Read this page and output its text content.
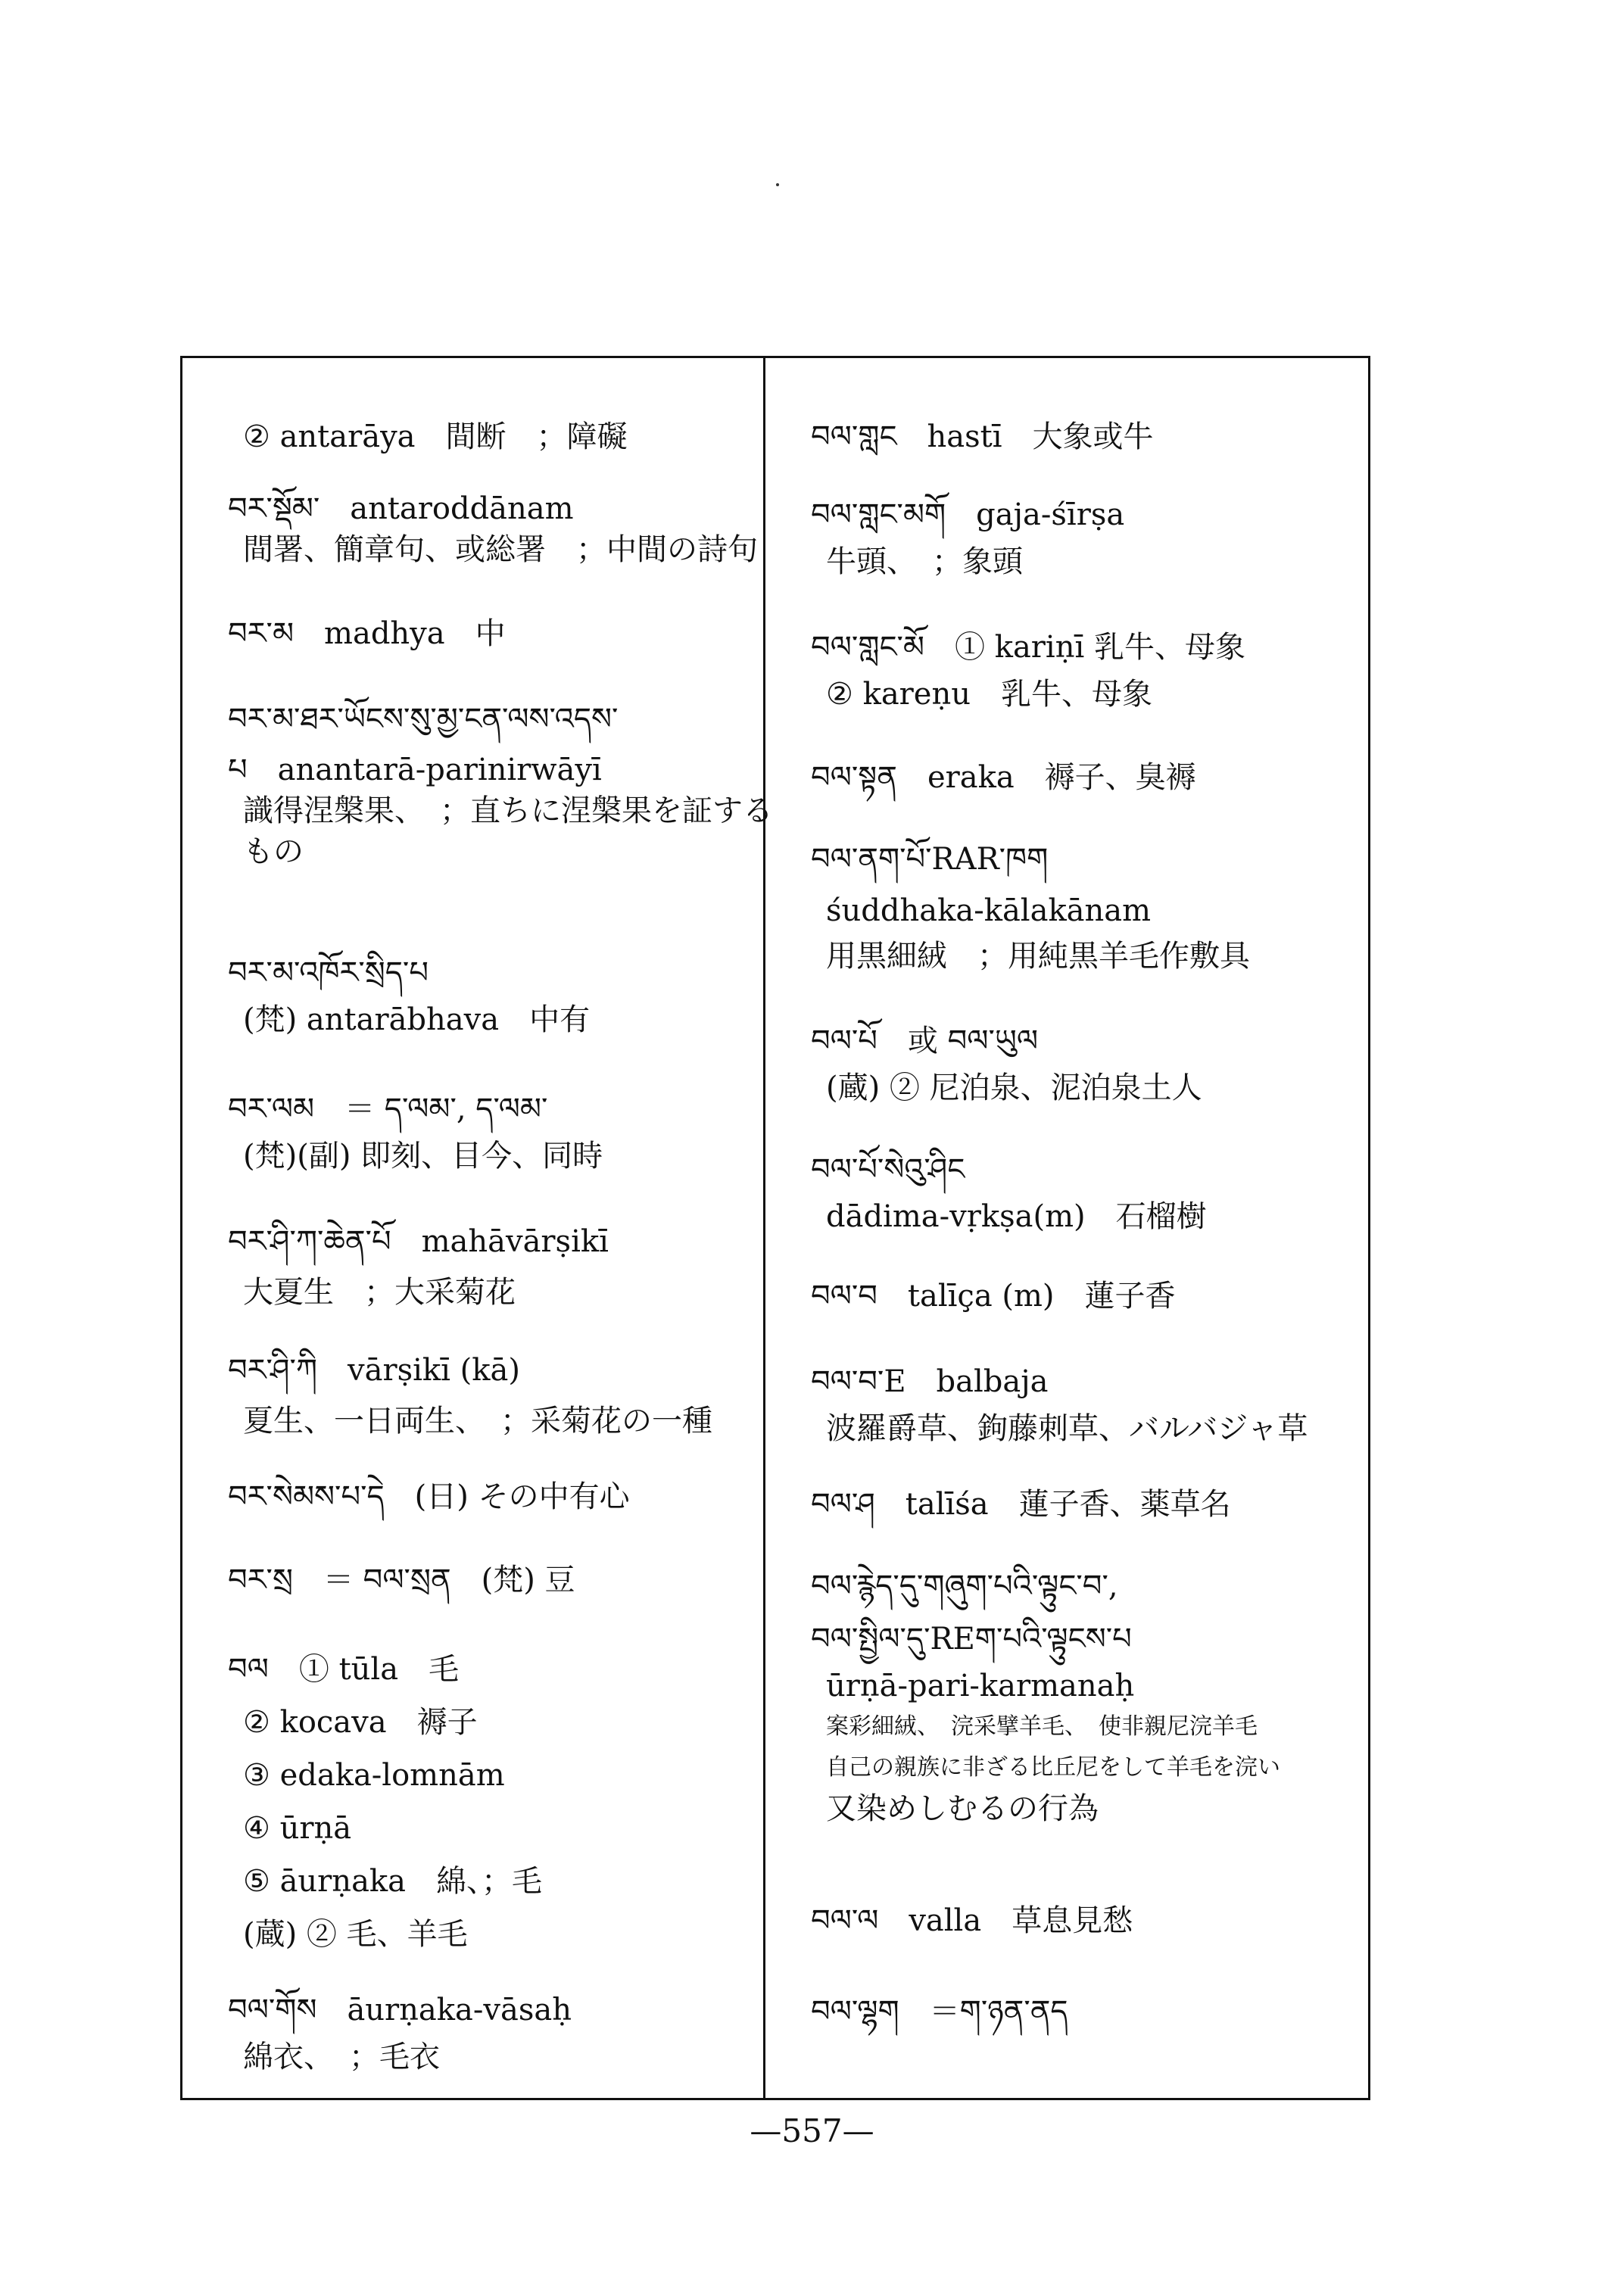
② antarāya　間断　；障礙
བར་སྡོམ་　antaroddānam
間署、簡章句、或総署　；中間の詩句
བར་མ　madhya　中
བར་མ་ཐར་ཡོངས་སུ་མྱ་ངན་ལས་འདས་
པ　anantarā-parinirwāyī
識得涅槃果、　；直ちに涅槃果を証する
もの
བར་མ་འཁོར་སྲིད་པ
(梵) antarābhava　中有
བར་ལམ　＝ ད་ལམ་, ད་ལམ་
(梵)(副) 即刻、目今、同時
བར་ཤི་ཀ་ཆེན་པོ　mahāvārṣikī
大夏生　；大采菊花
བར་ཤི་ཀི　vārṣikī (kā)
夏生、一日両生、　；采菊花の一種
བར་སེམས་པ་དེ　(日) その中有心
བར་སྲ　＝ བལ་སྲན　(梵) 豆
བལ　① tūla　毛
② kocava　褥子
③ edaka-lomnām
④ ūrṇā
⑤ āurṇaka　綿、；毛
(蔵) ② 毛、羊毛
བལ་གོས　āurṇaka-vāsaḥ
綿衣、　；毛衣
བལ་གླང　hastī　大象或牛
བལ་གླང་མགོ　gaja-śīrṣa
牛頭、　；象頭
བལ་གླང་མོ　① kariṇī 乳牛、母象
② kareṇu　乳牛、母象
བལ་སྟན　eraka　褥子、臭褥
བལ་ནག་པོ་RAR་ཁག
śuddhaka-kālakānam
用黒細絨　；用純黒羊毛作敷具
བལ་པོ　或 བལ་ཡུལ
(蔵) ② 尼泊泉、泥泊泉土人
བལ་པོ་སེའུ་ཤིང
dādima-vṛkṣa(m)　石榴樹
བལ་བ　talīça (m)　蓮子香
བལ་བ་E　balbaja
波羅爵草、鉤藤刺草、バルバジャ草
བལ་ཤ　talīśa　蓮子香、薬草名
བལ་རྙེད་དུ་གཞུག་པའི་ལྟུང་བ་,
བལ་སྤྱིལ་དུ་REག་པའི་ལྟུངས་པ
ūrṇā-pari-karmanaḥ
案彩細絨、　浣采擘羊毛、　使非親尼浣羊毛
自己の親族に非ざる比丘尼をして羊毛を浣い
又染めしむるの行為
བལ་ལ　valla　草息見愁
བལ་ལྷག　＝ག་ཉན་ནད
—557—
